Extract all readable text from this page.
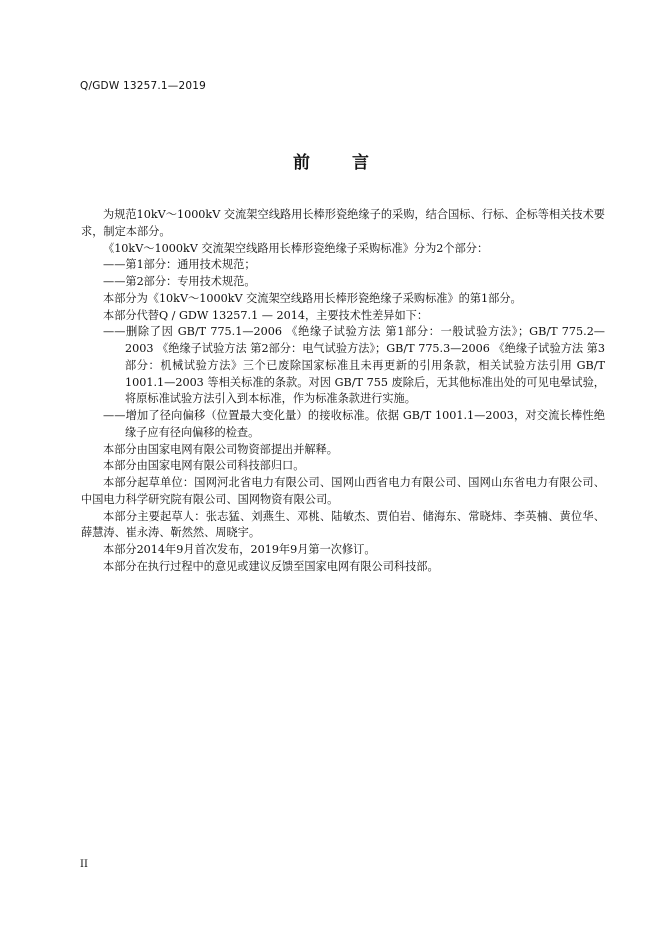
Q/GDW 13257.1—2019
前 言

为规范10kV～1000kV 交流架空线路用长棒形瓷绝缘子的采购，结合国标、行标、企标等相关技术要求，制定本部分。

《10kV～1000kV 交流架空线路用长棒形瓷绝缘子采购标准》分为2个部分：

——第1部分：通用技术规范；

——第2部分：专用技术规范。

本部分为《10kV～1000kV 交流架空线路用长棒形瓷绝缘子采购标准》的第1部分。

本部分代替Q / GDW 13257.1 — 2014，主要技术性差异如下：

——删除了因 GB/T 775.1—2006 《绝缘子试验方法 第1部分：一般试验方法》；GB/T 775.2—2003 《绝缘子试验方法 第2部分：电气试验方法》；GB/T 775.3—2006 《绝缘子试验方法 第3部分：机械试验方法》三个已废除国家标准且未再更新的引用条款，相关试验方法引用 GB/T 1001.1—2003 等相关标准的条款。对因 GB/T 755 废除后，无其他标准出处的可见电晕试验，将原标准试验方法引入到本标准，作为标准条款进行实施。

——增加了径向偏移（位置最大变化量）的接收标准。依据 GB/T 1001.1—2003，对交流长棒性绝缘子应有径向偏移的检查。

本部分由国家电网有限公司物资部提出并解释。

本部分由国家电网有限公司科技部归口。

本部分起草单位：国网河北省电力有限公司、国网山西省电力有限公司、国网山东省电力有限公司、中国电力科学研究院有限公司、国网物资有限公司。

本部分主要起草人：张志猛、刘燕生、邓桃、陆敏杰、贾伯岩、储海东、常晓炜、李英楠、黄位华、薛慧涛、崔永涛、靳然然、周晓宇。

本部分2014年9月首次发布，2019年9月第一次修订。

本部分在执行过程中的意见或建议反馈至国家电网有限公司科技部。

II
